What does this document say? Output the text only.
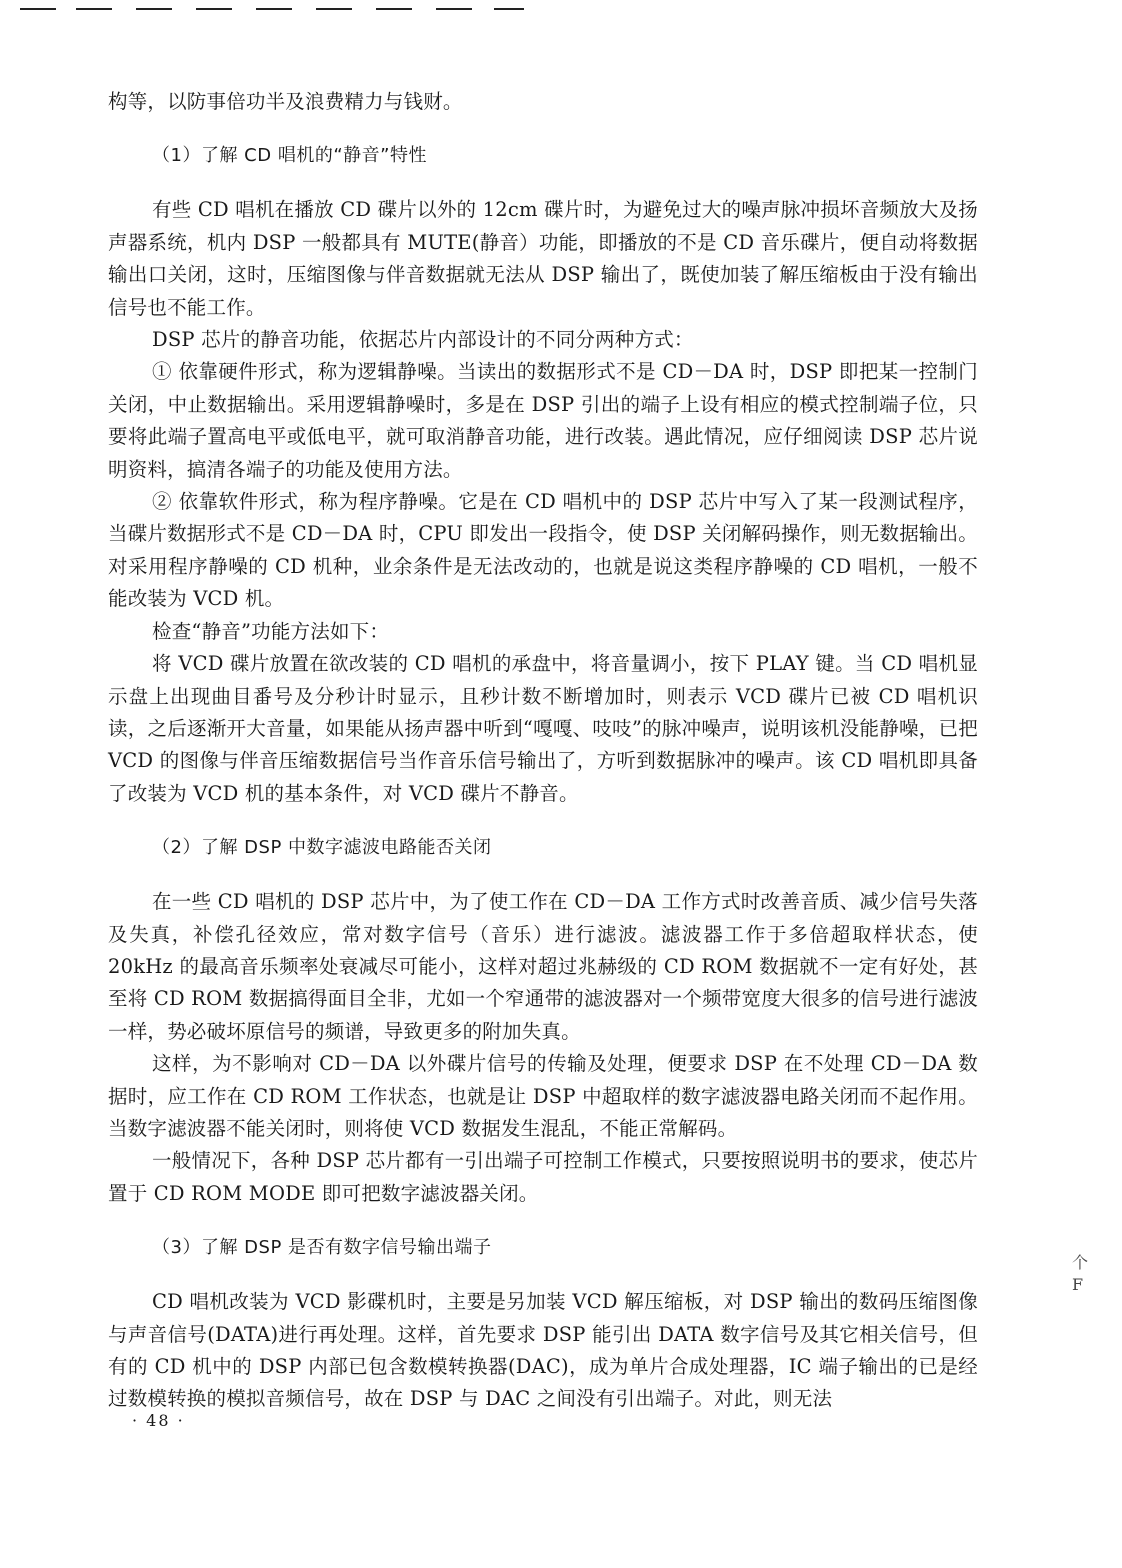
构等，以防事倍功半及浪费精力与钱财。

（1）了解 CD 唱机的“静音”特性

有些 CD 唱机在播放 CD 碟片以外的 12cm 碟片时，为避免过大的噪声脉冲损坏音频放大及扬声器系统，机内 DSP 一般都具有 MUTE(静音）功能，即播放的不是 CD 音乐碟片，便自动将数据输出口关闭，这时，压缩图像与伴音数据就无法从 DSP 输出了，既使加装了解压缩板由于没有输出信号也不能工作。

DSP 芯片的静音功能，依据芯片内部设计的不同分两种方式：

① 依靠硬件形式，称为逻辑静噪。当读出的数据形式不是 CD－DA 时，DSP 即把某一控制门关闭，中止数据输出。采用逻辑静噪时，多是在 DSP 引出的端子上设有相应的模式控制端子位，只要将此端子置高电平或低电平，就可取消静音功能，进行改装。遇此情况，应仔细阅读 DSP 芯片说明资料，搞清各端子的功能及使用方法。

② 依靠软件形式，称为程序静噪。它是在 CD 唱机中的 DSP 芯片中写入了某一段测试程序，当碟片数据形式不是 CD－DA 时，CPU 即发出一段指令，使 DSP 关闭解码操作，则无数据输出。对采用程序静噪的 CD 机种，业余条件是无法改动的，也就是说这类程序静噪的 CD 唱机，一般不能改装为 VCD 机。

检查“静音”功能方法如下：

将 VCD 碟片放置在欲改装的 CD 唱机的承盘中，将音量调小，按下 PLAY 键。当 CD 唱机显示盘上出现曲目番号及分秒计时显示，且秒计数不断增加时，则表示 VCD 碟片已被 CD 唱机识读，之后逐渐开大音量，如果能从扬声器中听到“嘎嘎、吱吱”的脉冲噪声，说明该机没能静噪，已把 VCD 的图像与伴音压缩数据信号当作音乐信号输出了，方听到数据脉冲的噪声。该 CD 唱机即具备了改装为 VCD 机的基本条件，对 VCD 碟片不静音。

（2）了解 DSP 中数字滤波电路能否关闭

在一些 CD 唱机的 DSP 芯片中，为了使工作在 CD－DA 工作方式时改善音质、减少信号失落及失真，补偿孔径效应，常对数字信号（音乐）进行滤波。滤波器工作于多倍超取样状态，使 20kHz 的最高音乐频率处衰减尽可能小，这样对超过兆赫级的 CD ROM 数据就不一定有好处，甚至将 CD ROM 数据搞得面目全非，尤如一个窄通带的滤波器对一个频带宽度大很多的信号进行滤波一样，势必破坏原信号的频谱，导致更多的附加失真。

这样，为不影响对 CD－DA 以外碟片信号的传输及处理，便要求 DSP 在不处理 CD－DA 数据时，应工作在 CD ROM 工作状态，也就是让 DSP 中超取样的数字滤波器电路关闭而不起作用。当数字滤波器不能关闭时，则将使 VCD 数据发生混乱，不能正常解码。

一般情况下，各种 DSP 芯片都有一引出端子可控制工作模式，只要按照说明书的要求，使芯片置于 CD ROM MODE 即可把数字滤波器关闭。

（3）了解 DSP 是否有数字信号输出端子

CD 唱机改装为 VCD 影碟机时，主要是另加装 VCD 解压缩板，对 DSP 输出的数码压缩图像与声音信号(DATA)进行再处理。这样，首先要求 DSP 能引出 DATA 数字信号及其它相关信号，但有的 CD 机中的 DSP 内部已包含数模转换器(DAC)，成为单片合成处理器，IC 端子输出的已是经过数模转换的模拟音频信号，故在 DSP 与 DAC 之间没有引出端子。对此，则无法

· 48 ·
个
F
